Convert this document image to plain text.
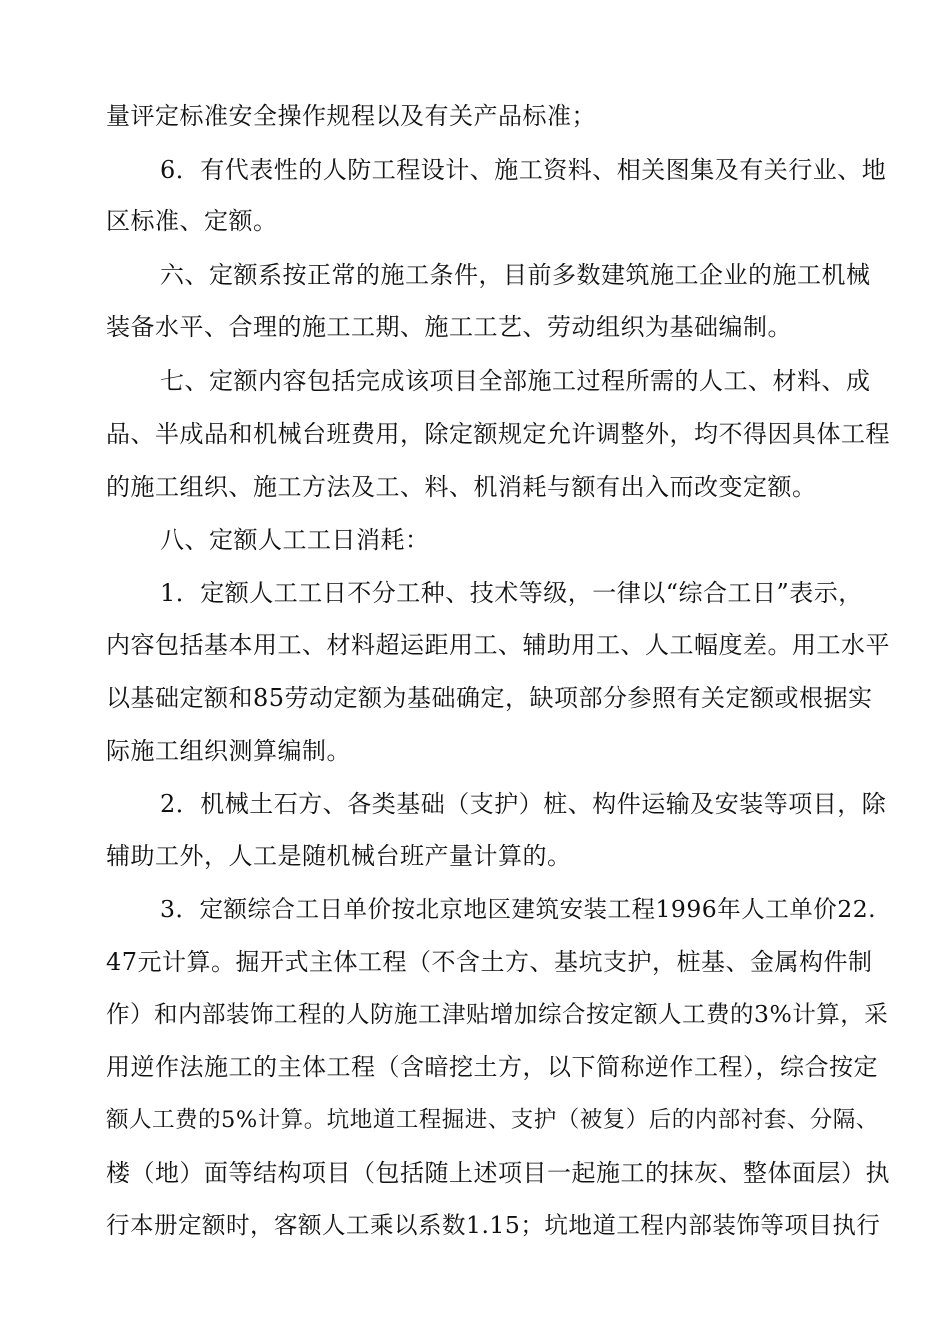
量评定标准安全操作规程以及有关产品标准；
6．有代表性的人防工程设计、施工资料、相关图集及有关行业、地
区标准、定额。
六、定额系按正常的施工条件，目前多数建筑施工企业的施工机械
装备水平、合理的施工工期、施工工艺、劳动组织为基础编制。
七、定额内容包括完成该项目全部施工过程所需的人工、材料、成
品、半成品和机械台班费用，除定额规定允许调整外，均不得因具体工程
的施工组织、施工方法及工、料、机消耗与额有出入而改变定额。
八、定额人工工日消耗：
1．定额人工工日不分工种、技术等级，一律以“综合工日”表示，
内容包括基本用工、材料超运距用工、辅助用工、人工幅度差。用工水平
以基础定额和85劳动定额为基础确定，缺项部分参照有关定额或根据实
际施工组织测算编制。
2．机械土石方、各类基础（支护）桩、构件运输及安装等项目，除
辅助工外，人工是随机械台班产量计算的。
3．定额综合工日单价按北京地区建筑安装工程1996年人工单价22.
47元计算。掘开式主体工程（不含土方、基坑支护，桩基、金属构件制
作）和内部装饰工程的人防施工津贴增加综合按定额人工费的3%计算，采
用逆作法施工的主体工程（含暗挖土方，以下简称逆作工程），综合按定
额人工费的5%计算。坑地道工程掘进、支护（被复）后的内部衬套、分隔、
楼（地）面等结构项目（包括随上述项目一起施工的抹灰、整体面层）执
行本册定额时，客额人工乘以系数1.15；坑地道工程内部装饰等项目执行
